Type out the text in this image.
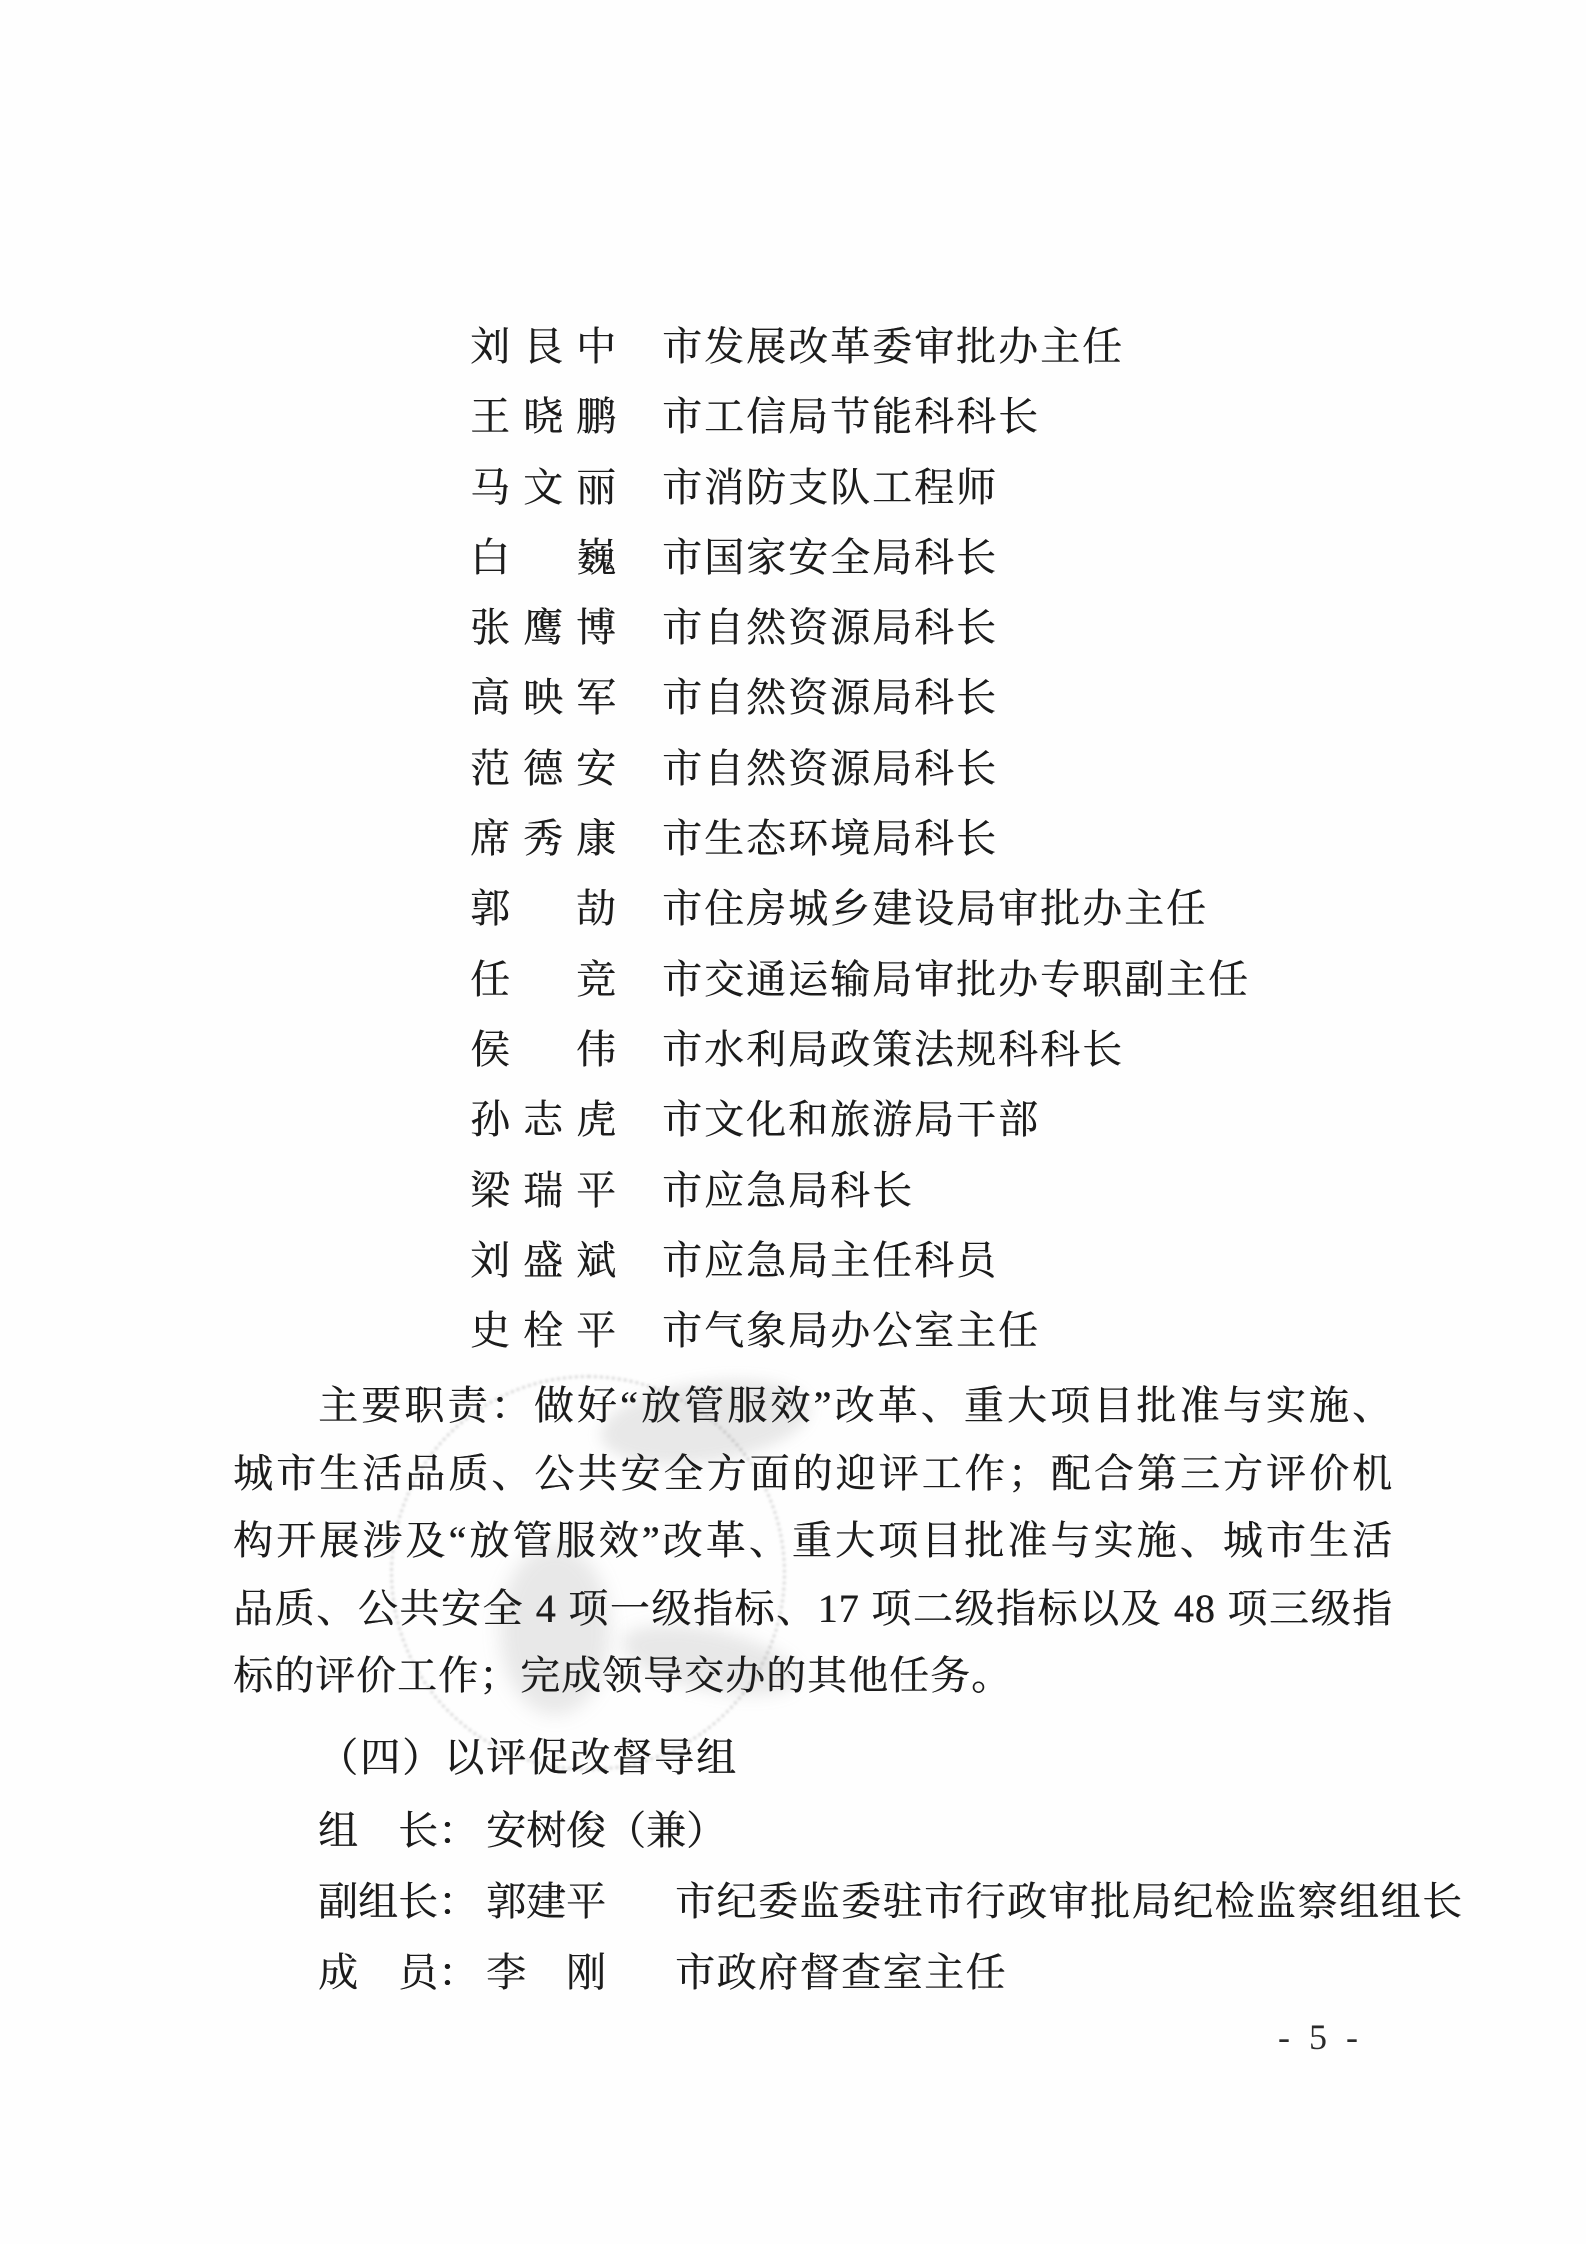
刘艮中 市发展改革委审批办主任
王晓鹏 市工信局节能科科长
马文丽 市消防支队工程师
白巍 市国家安全局科长
张鹰博 市自然资源局科长
高映军 市自然资源局科长
范德安 市自然资源局科长
席秀康 市生态环境局科长
郭劼 市住房城乡建设局审批办主任
任竞 市交通运输局审批办专职副主任
侯伟 市水利局政策法规科科长
孙志虎 市文化和旅游局干部
梁瑞平 市应急局科长
刘盛斌 市应急局主任科员
史栓平 市气象局办公室主任
主要职责：做好“放管服效”改革、重大项目批准与实施、
城市生活品质、公共安全方面的迎评工作；配合第三方评价机
构开展涉及“放管服效”改革、重大项目批准与实施、城市生活
品质、公共安全 4 项一级指标、17 项二级指标以及 48 项三级指
标的评价工作；完成领导交办的其他任务。
（四）以评促改督导组
组　长： 安树俊（兼）
副组长： 郭建平 市纪委监委驻市行政审批局纪检监察组组长
成　员： 李　刚 市政府督查室主任
- 5 -
